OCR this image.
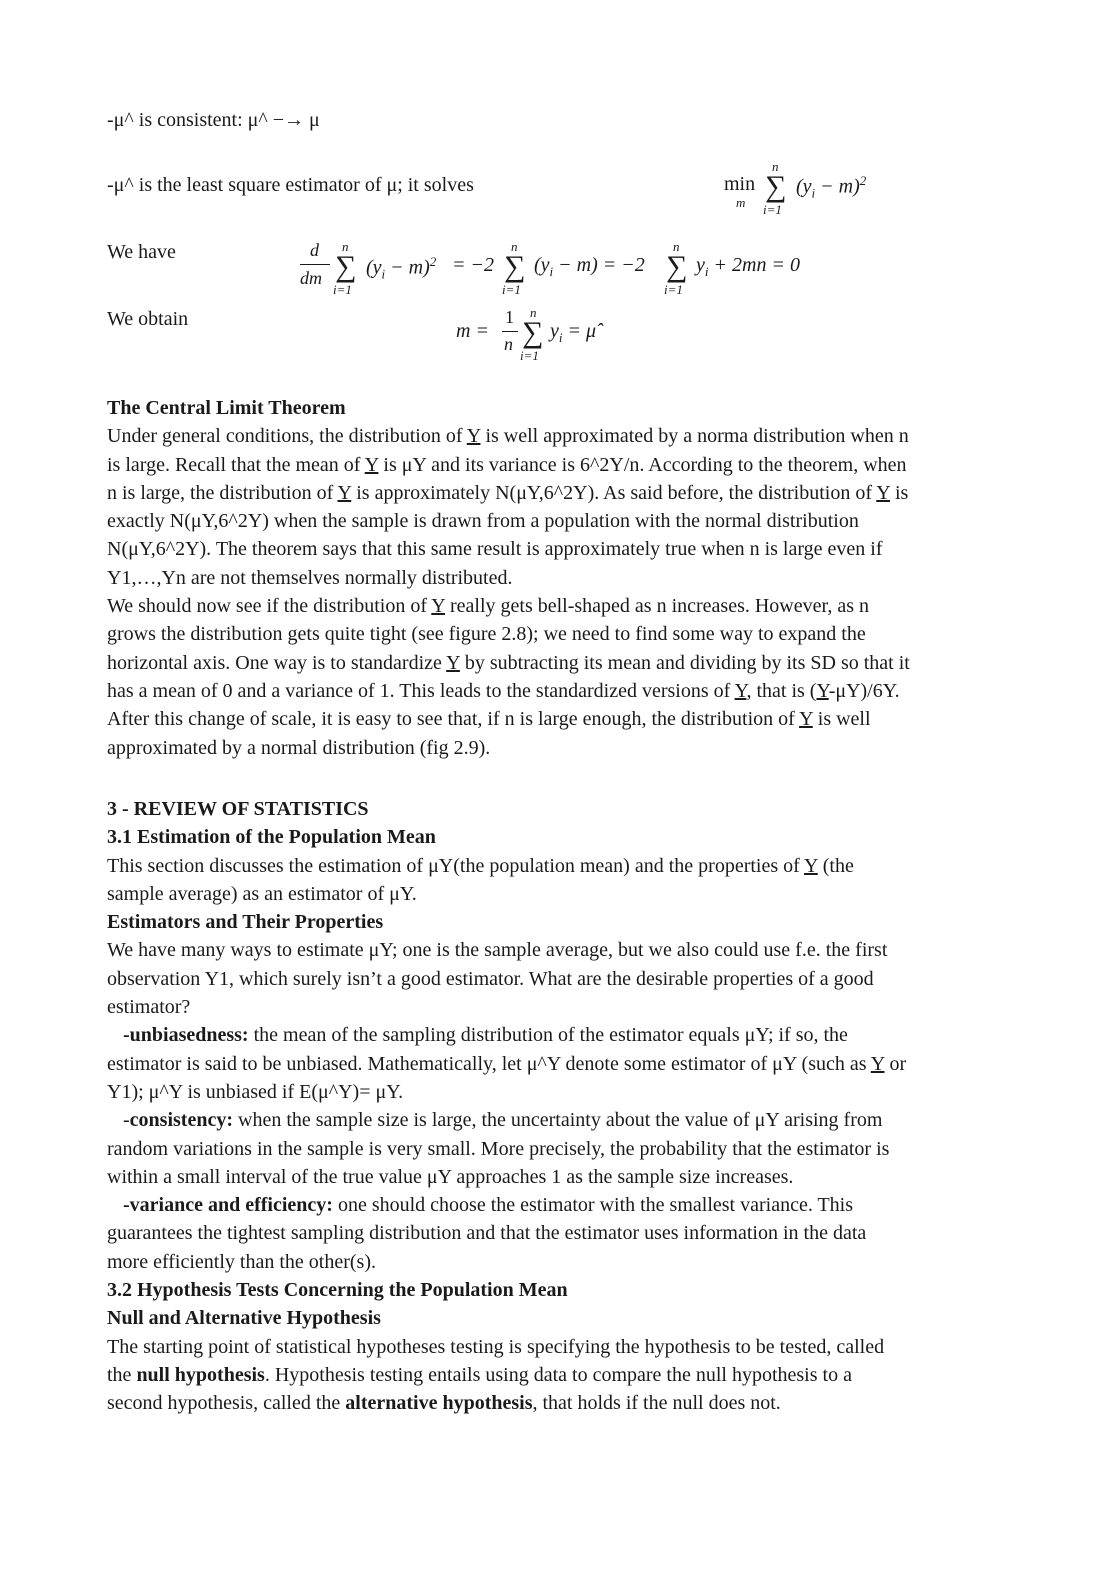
-μ^ is consistent: μ^ −→ μ
-μ^ is the least square estimator of μ; it solves	min
m
n
∑
i=1
$(y_i - m)^2$
We have	d
dm
n
∑
i=1
$(y_i - m)^2 = -2$
n
∑
i=1
$(y_i - m) = -2$
n
∑
i=1
$y_i + 2mn = 0$
We obtain
m =
1
n
n
∑
i=1
$y_i$ = μ̂

The Central Limit Theorem

Under general conditions, the distribution of Y is well approximated by a norma distribution when n

is large. Recall that the mean of Y is μY and its variance is 6^2Y/n. According to the theorem, when

n is large, the distribution of Y is approximately N(μY,6^2Y). As said before, the distribution of Y is

exactly N(μY,6^2Y) when the sample is drawn from a population with the normal distribution

N(μY,6^2Y). The theorem says that this same result is approximately true when n is large even if

Y1,…,Yn are not themselves normally distributed.

We should now see if the distribution of Y really gets bell-shaped as n increases. However, as n

grows the distribution gets quite tight (see figure 2.8); we need to find some way to expand the

horizontal axis. One way is to standardize Y by subtracting its mean and dividing by its SD so that it

has a mean of 0 and a variance of 1. This leads to the standardized versions of Y, that is (Y-μY)/6Y.

After this change of scale, it is easy to see that, if n is large enough, the distribution of Y is well

approximated by a normal distribution (fig 2.9).

3 - REVIEW OF STATISTICS

3.1 Estimation of the Population Mean

This section discusses the estimation of μY(the population mean) and the properties of Y (the

sample average) as an estimator of μY.

Estimators and Their Properties

We have many ways to estimate μY; one is the sample average, but we also could use f.e. the first

observation Y1, which surely isn’t a good estimator. What are the desirable properties of a good

estimator?

-unbiasedness: the mean of the sampling distribution of the estimator equals μY; if so, the

estimator is said to be unbiased. Mathematically, let μ^Y denote some estimator of μY (such as Y or

Y1); μ^Y is unbiased if E(μ^Y)= μY.

-consistency: when the sample size is large, the uncertainty about the value of μY arising from

random variations in the sample is very small. More precisely, the probability that the estimator is

within a small interval of the true value μY approaches 1 as the sample size increases.

-variance and efficiency: one should choose the estimator with the smallest variance. This

guarantees the tightest sampling distribution and that the estimator uses information in the data

more efficiently than the other(s).

3.2 Hypothesis Tests Concerning the Population Mean

Null and Alternative Hypothesis

The starting point of statistical hypotheses testing is specifying the hypothesis to be tested, called

the null hypothesis. Hypothesis testing entails using data to compare the null hypothesis to a

second hypothesis, called the alternative hypothesis, that holds if the null does not.
